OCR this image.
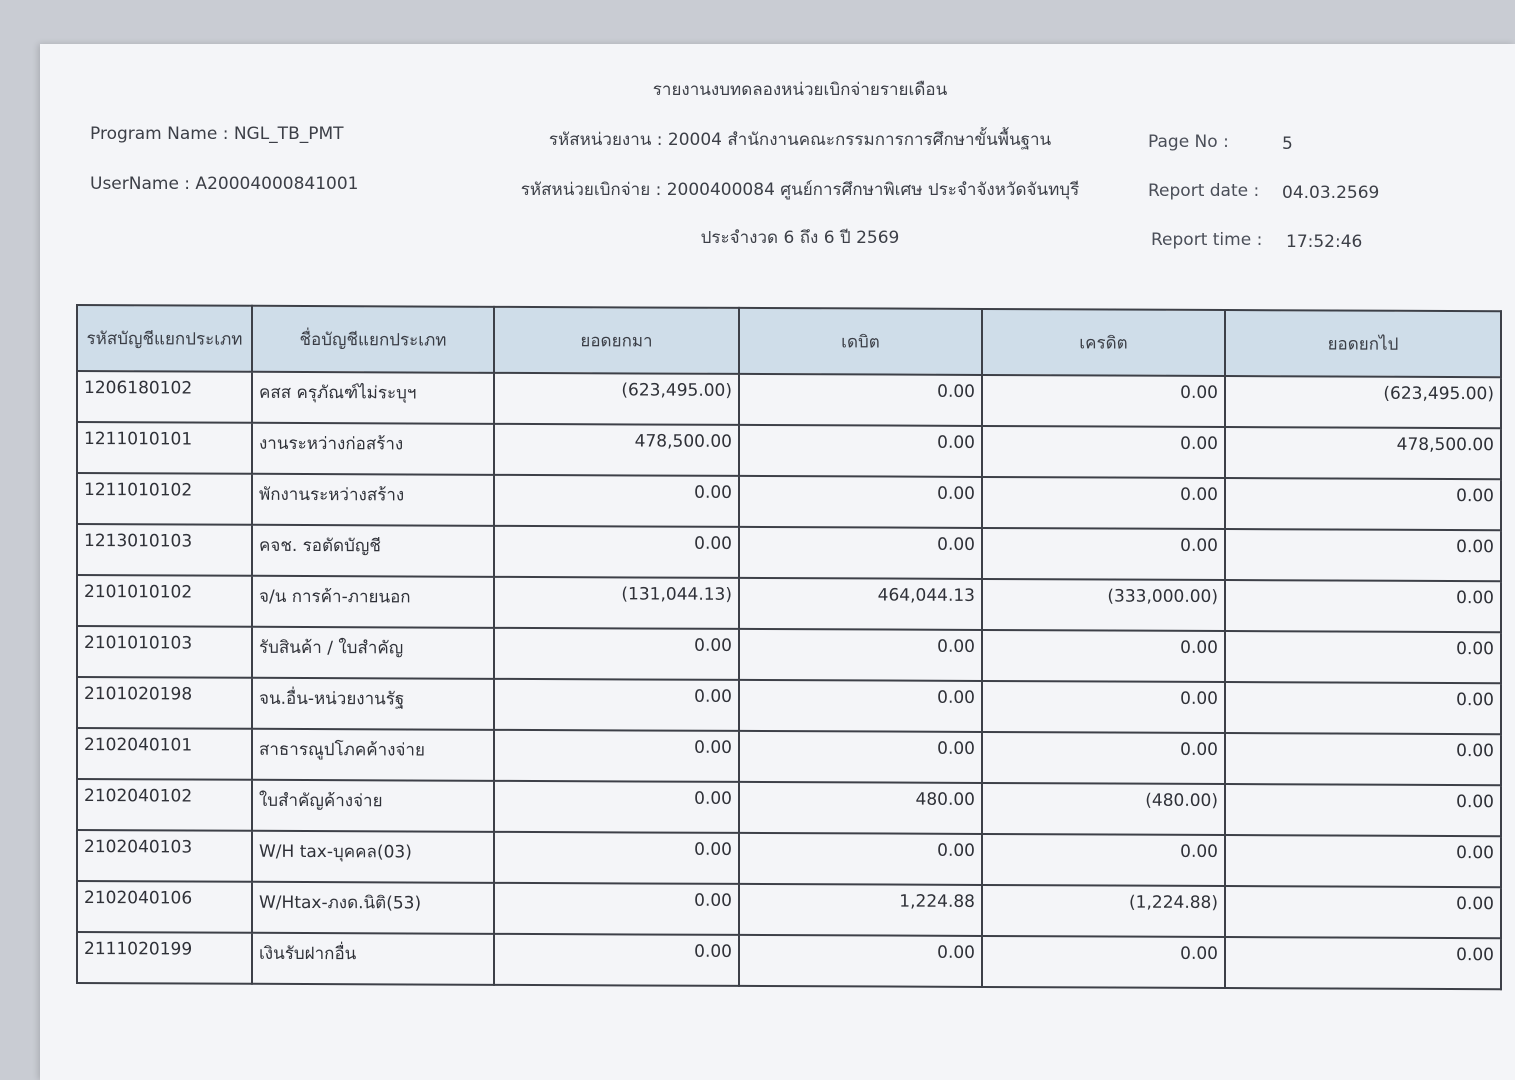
รายงานงบทดลองหน่วยเบิกจ่ายรายเดือน
Program Name : NGL_TB_PMT
UserName : A20004000841001
รหัสหน่วยงาน : 20004 สำนักงานคณะกรรมการการศึกษาขั้นพื้นฐาน
รหัสหน่วยเบิกจ่าย : 2000400084 ศูนย์การศึกษาพิเศษ ประจำจังหวัดจันทบุรี
ประจำงวด 6 ถึง 6 ปี 2569
Page No :	5
Report date : 04.03.2569
Report time : 17:52:46
รหัสบัญชีแยกประเภท	ชื่อบัญชีแยกประเภท	ยอดยกมา	เดบิต	เครดิต	ยอดยกไป
1206180102	คสส ครุภัณฑ์ไม่ระบุฯ	(623,495.00)	0.00	0.00	(623,495.00)
1211010101	งานระหว่างก่อสร้าง	478,500.00	0.00	0.00	478,500.00
1211010102	พักงานระหว่างสร้าง	0.00	0.00	0.00	0.00
1213010103	คจช. รอตัดบัญชี	0.00	0.00	0.00	0.00
2101010102	จ/น การค้า-ภายนอก	(131,044.13)	464,044.13	(333,000.00)	0.00
2101010103	รับสินค้า / ใบสำคัญ	0.00	0.00	0.00	0.00
2101020198	จน.อื่น-หน่วยงานรัฐ	0.00	0.00	0.00	0.00
2102040101	สาธารณูปโภคค้างจ่าย	0.00	0.00	0.00	0.00
2102040102	ใบสำคัญค้างจ่าย	0.00	480.00	(480.00)	0.00
2102040103	W/H tax-บุคคล(03)	0.00	0.00	0.00	0.00
2102040106	W/Htax-ภงด.นิติ(53)	0.00	1,224.88	(1,224.88)	0.00
2111020199	เงินรับฝากอื่น	0.00	0.00	0.00	0.00
